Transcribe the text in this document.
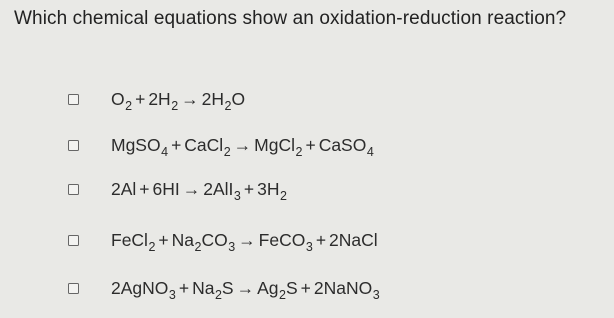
Which chemical equations show an oxidation-reduction reaction?
O 2 + 2H 2 → 2H 2 O
MgSO 4 + CaCl 2 → MgCl 2 + CaSO 4
2Al + 6HI → 2AlI 3 + 3H 2
FeCl 2 + Na 2 CO 3 → FeCO 3 + 2NaCl
2AgNO 3 + Na 2 S → Ag 2 S + 2NaNO 3
